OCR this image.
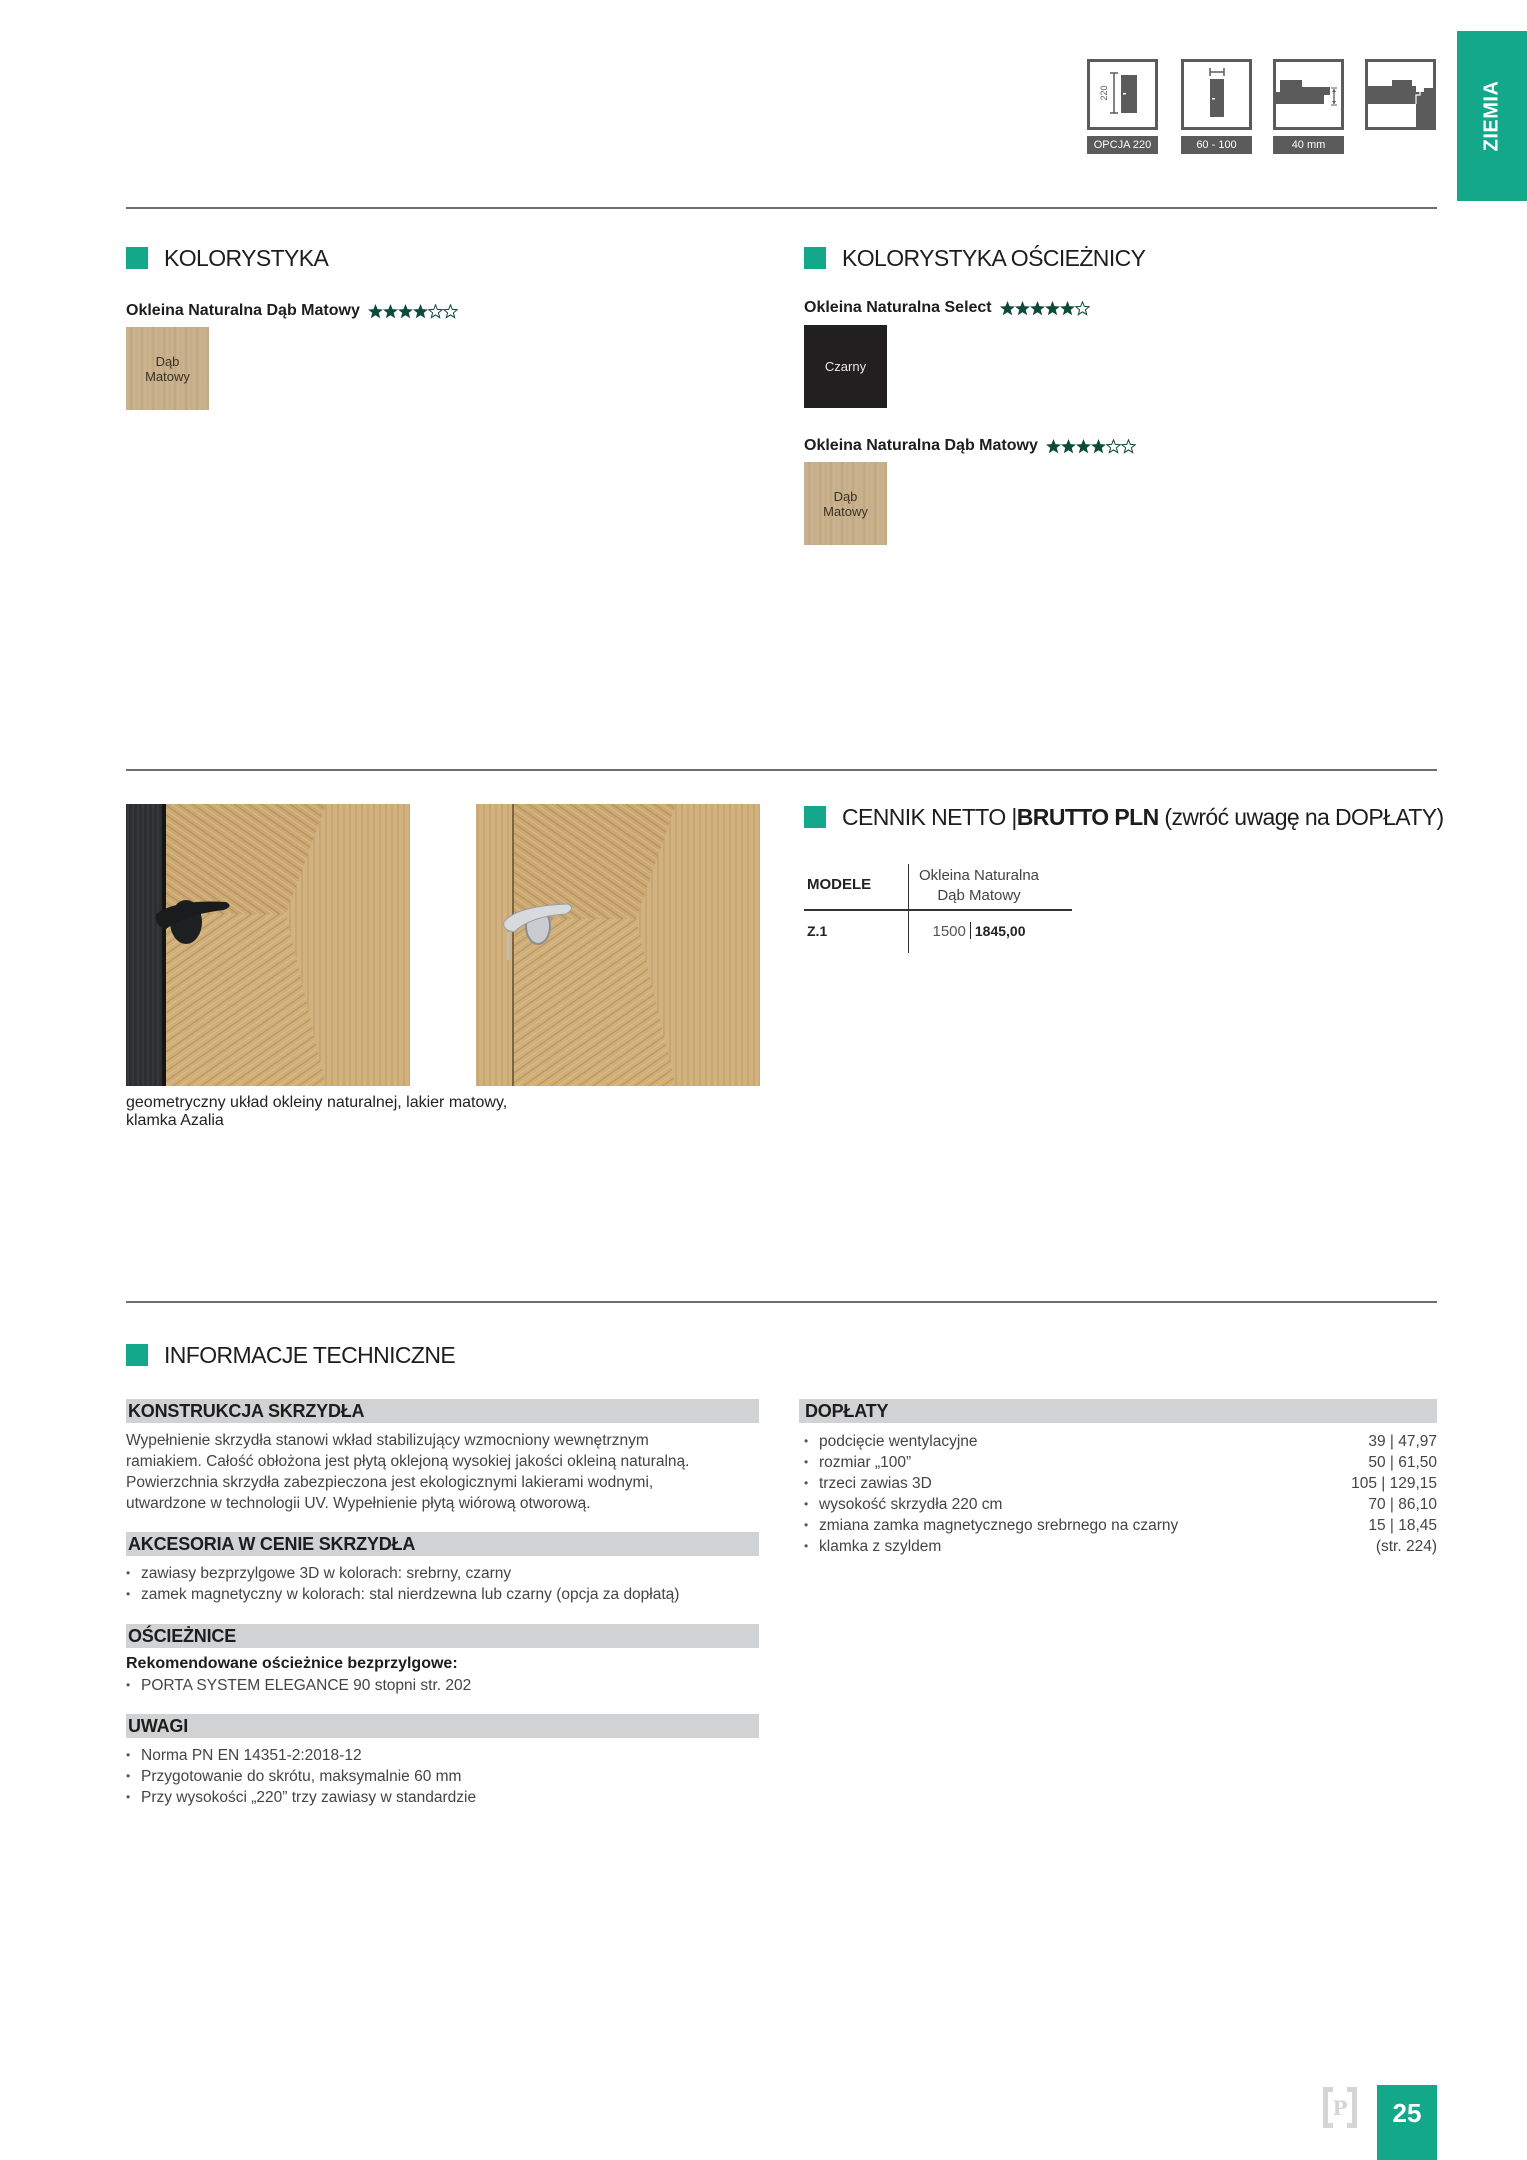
220
OPCJA 220	60 - 100	40 mm	ZIEMIA
KOLORYSTYKA
Okleina Naturalna Dąb Matowy
Dąb
Matowy
KOLORYSTYKA OŚCIEŻNICY
Okleina Naturalna Select
Czarny
Okleina Naturalna Dąb Matowy
Dąb
Matowy
geometryczny układ okleiny naturalnej, lakier matowy,
klamka Azalia
CENNIK NETTO |BRUTTO PLN (zwróć uwagę na DOPŁATY)
MODELE
Okleina Naturalna
Dąb Matowy
Z.1	1500 1845,00
INFORMACJE TECHNICZNE
KONSTRUKCJA SKRZYDŁA
Wypełnienie skrzydła stanowi wkład stabilizujący wzmocniony wewnętrznym
ramiakiem. Całość obłożona jest płytą oklejoną wysokiej jakości okleiną naturalną.
Powierzchnia skrzydła zabezpieczona jest ekologicznymi lakierami wodnymi,
utwardzone w technologii UV. Wypełnienie płytą wiórową otworową.
AKCESORIA W CENIE SKRZYDŁA
• zawiasy bezprzylgowe 3D w kolorach: srebrny, czarny
• zamek magnetyczny w kolorach: stal nierdzewna lub czarny (opcja za dopłatą)
OŚCIEŻNICE
Rekomendowane ościeżnice bezprzylgowe:
• PORTA SYSTEM ELEGANCE 90 stopni str. 202
UWAGI
• Norma PN EN 14351-2:2018-12
• Przygotowanie do skrótu, maksymalnie 60 mm
• Przy wysokości „220” trzy zawiasy w standardzie
DOPŁATY
• podcięcie wentylacyjne	39 | 47,97
• rozmiar „100”	50 | 61,50
• trzeci zawias 3D	105 | 129,15
• wysokość skrzydła 220 cm	70 | 86,10
• zmiana zamka magnetycznego srebrnego na czarny	15 | 18,45
• klamka z szyldem	(str. 224)
P	25
